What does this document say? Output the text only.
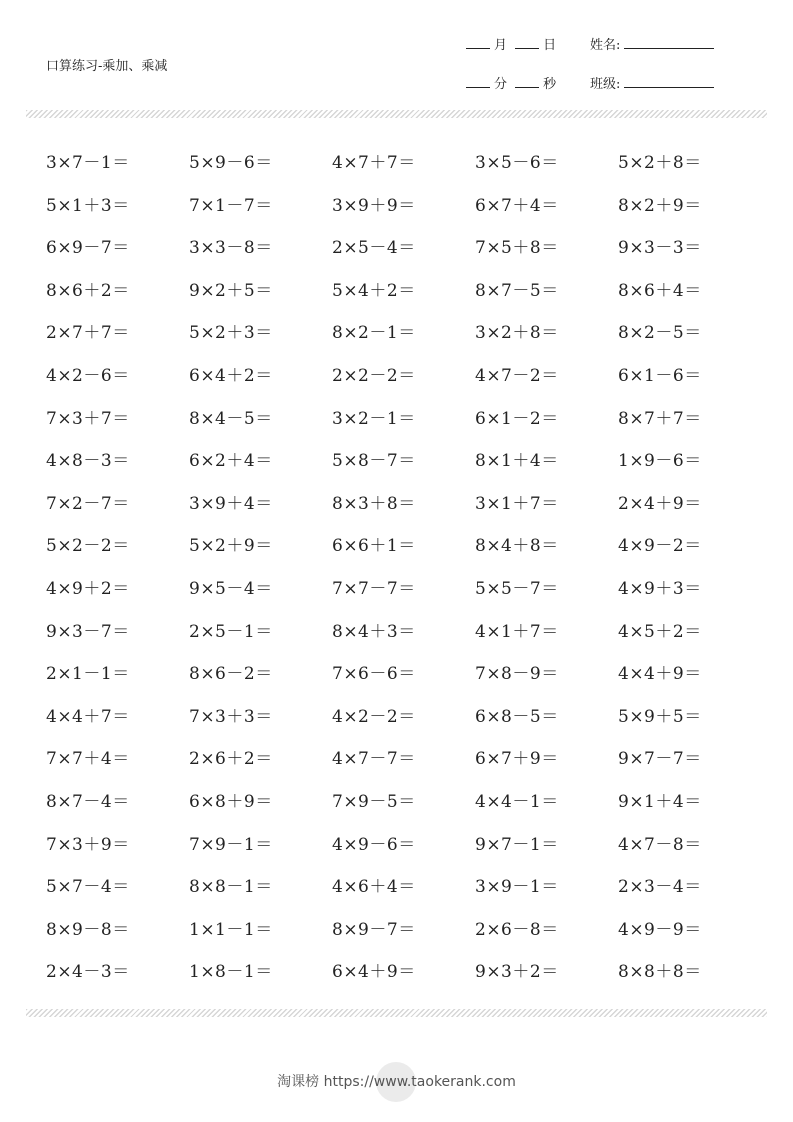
口算练习-乘加、乘减
月	日	姓名:
分	秒	班级:
3×7－1＝	5×9－6＝	4×7＋7＝	3×5－6＝	5×2＋8＝
5×1＋3＝	7×1－7＝	3×9＋9＝	6×7＋4＝	8×2＋9＝
6×9－7＝	3×3－8＝	2×5－4＝	7×5＋8＝	9×3－3＝
8×6＋2＝	9×2＋5＝	5×4＋2＝	8×7－5＝	8×6＋4＝
2×7＋7＝	5×2＋3＝	8×2－1＝	3×2＋8＝	8×2－5＝
4×2－6＝	6×4＋2＝	2×2－2＝	4×7－2＝	6×1－6＝
7×3＋7＝	8×4－5＝	3×2－1＝	6×1－2＝	8×7＋7＝
4×8－3＝	6×2＋4＝	5×8－7＝	8×1＋4＝	1×9－6＝
7×2－7＝	3×9＋4＝	8×3＋8＝	3×1＋7＝	2×4＋9＝
5×2－2＝	5×2＋9＝	6×6＋1＝	8×4＋8＝	4×9－2＝
4×9＋2＝	9×5－4＝	7×7－7＝	5×5－7＝	4×9＋3＝
9×3－7＝	2×5－1＝	8×4＋3＝	4×1＋7＝	4×5＋2＝
2×1－1＝	8×6－2＝	7×6－6＝	7×8－9＝	4×4＋9＝
4×4＋7＝	7×3＋3＝	4×2－2＝	6×8－5＝	5×9＋5＝
7×7＋4＝	2×6＋2＝	4×7－7＝	6×7＋9＝	9×7－7＝
8×7－4＝	6×8＋9＝	7×9－5＝	4×4－1＝	9×1＋4＝
7×3＋9＝	7×9－1＝	4×9－6＝	9×7－1＝	4×7－8＝
5×7－4＝	8×8－1＝	4×6＋4＝	3×9－1＝	2×3－4＝
8×9－8＝	1×1－1＝	8×9－7＝	2×6－8＝	4×9－9＝
2×4－3＝	1×8－1＝	6×4＋9＝	9×3＋2＝	8×8＋8＝
淘课榜 https://www.taokerank.com
